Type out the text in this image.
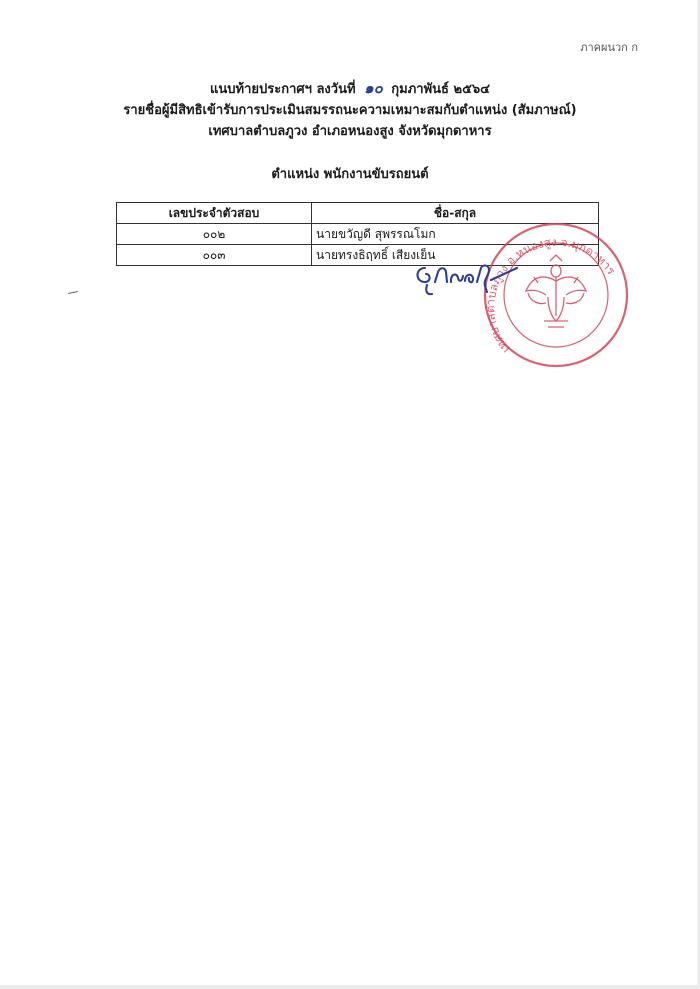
ภาคผนวก ก
แนบท้ายประกาศฯ ลงวันที่ ๑๐ กุมภาพันธ์ ๒๕๖๔
รายชื่อผู้มีสิทธิเข้ารับการประเมินสมรรถนะความเหมาะสมกับตำแหน่ง (สัมภาษณ์)
เทศบาลตำบลภูวง อำเภอหนองสูง จังหวัดมุกดาหาร
ตำแหน่ง พนักงานขับรถยนต์
เลขประจำตัวสอบ	ชื่อ-สกุล
๐๐๒	นายขวัญดี สุพรรณโมก
๐๐๓	นายทรงธิฤทธิ์ เสียงเย็น
เทศบาลตำบลภูวง อ.หนองสูง จ.มุกดาหาร
